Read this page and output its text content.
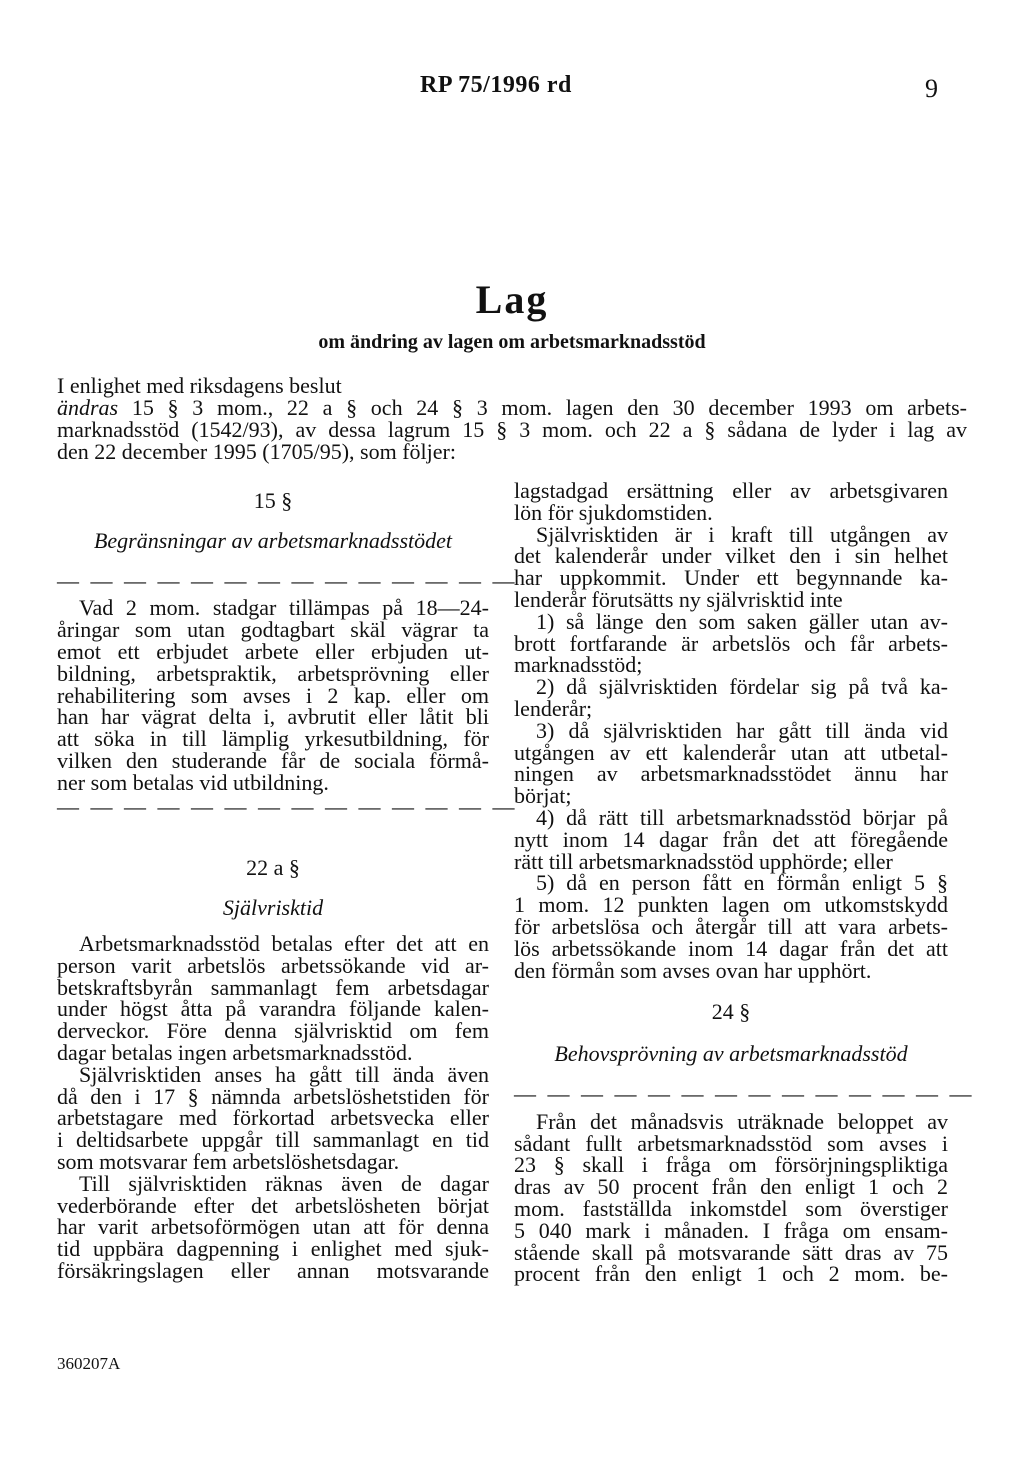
RP 75/1996 rd	9
Lag
om ändring av lagen om arbetsmarknadsstöd
I enlighet med riksdagens beslut
ändras 15 § 3 mom., 22 a § och 24 § 3 mom. lagen den 30 december 1993 om arbets-
marknadsstöd (1542/93), av dessa lagrum 15 § 3 mom. och 22 a § sådana de lyder i lag av
den 22 december 1995 (1705/95), som följer:
15 §
Begränsningar av arbetsmarknadsstödet
— — — — — — — — — — — — — —
Vad 2 mom. stadgar tillämpas på 18—24-
åringar som utan godtagbart skäl vägrar ta
emot ett erbjudet arbete eller erbjuden ut-
bildning, arbetspraktik, arbetsprövning eller
rehabilitering som avses i 2 kap. eller om
han har vägrat delta i, avbrutit eller låtit bli
att söka in till lämplig yrkesutbildning, för
vilken den studerande får de sociala förmå-
ner som betalas vid utbildning.
— — — — — — — — — — — — — —
22 a §
Självrisktid
Arbetsmarknadsstöd betalas efter det att en
person varit arbetslös arbetssökande vid ar-
betskraftsbyrån sammanlagt fem arbetsdagar
under högst åtta på varandra följande kalen-
derveckor. Före denna självrisktid om fem
dagar betalas ingen arbetsmarknadsstöd.
Självrisktiden anses ha gått till ända även
då den i 17 § nämnda arbetslöshetstiden för
arbetstagare med förkortad arbetsvecka eller
i deltidsarbete uppgår till sammanlagt en tid
som motsvarar fem arbetslöshetsdagar.
Till självrisktiden räknas även de dagar
vederbörande efter det arbetslösheten börjat
har varit arbetsoförmögen utan att för denna
tid uppbära dagpenning i enlighet med sjuk-
försäkringslagen eller annan motsvarande
lagstadgad ersättning eller av arbetsgivaren
lön för sjukdomstiden.
Självrisktiden är i kraft till utgången av
det kalenderår under vilket den i sin helhet
har uppkommit. Under ett begynnande ka-
lenderår förutsätts ny självrisktid inte
1) så länge den som saken gäller utan av-
brott fortfarande är arbetslös och får arbets-
marknadsstöd;
2) då självrisktiden fördelar sig på två ka-
lenderår;
3) då självrisktiden har gått till ända vid
utgången av ett kalenderår utan att utbetal-
ningen av arbetsmarknadsstödet ännu har
börjat;
4) då rätt till arbetsmarknadsstöd börjar på
nytt inom 14 dagar från det att föregående
rätt till arbetsmarknadsstöd upphörde; eller
5) då en person fått en förmån enligt 5 §
1 mom. 12 punkten lagen om utkomstskydd
för arbetslösa och återgår till att vara arbets-
lös arbetssökande inom 14 dagar från det att
den förmån som avses ovan har upphört.
24 §
Behovsprövning av arbetsmarknadsstöd
— — — — — — — — — — — — — —
Från det månadsvis uträknade beloppet av
sådant fullt arbetsmarknadsstöd som avses i
23 § skall i fråga om försörjningspliktiga
dras av 50 procent från den enligt 1 och 2
mom. fastställda inkomstdel som överstiger
5 040 mark i månaden. I fråga om ensam-
stående skall på motsvarande sätt dras av 75
procent från den enligt 1 och 2 mom. be-
360207A
